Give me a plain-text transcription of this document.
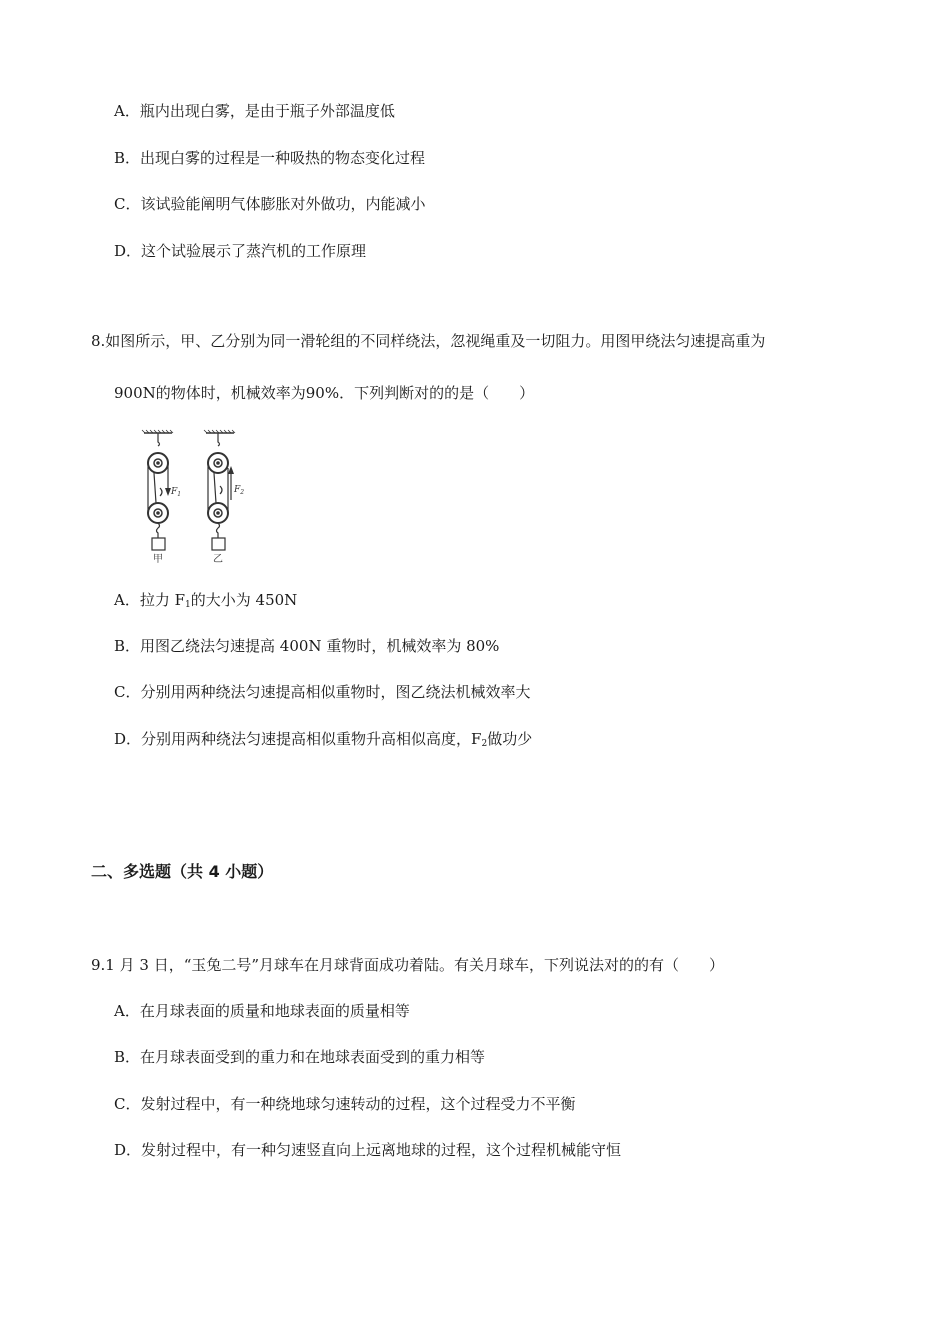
A．瓶内出现白雾，是由于瓶子外部温度低
B．出现白雾的过程是一种吸热的物态变化过程
C．该试验能阐明气体膨胀对外做功，内能减小
D．这个试验展示了蒸汽机的工作原理
8.如图所示，甲、乙分别为同一滑轮组的不同样绕法，忽视绳重及一切阻力。用图甲绕法匀速提高重为
900N的物体时，机械效率为90%．下列判断对的的是（　　）
$F_1$
甲
$F_2$
乙
A．拉力 $F_1$的大小为 450N
B．用图乙绕法匀速提高 400N 重物时，机械效率为 80%
C．分别用两种绕法匀速提高相似重物时，图乙绕法机械效率大
D．分别用两种绕法匀速提高相似重物升高相似高度，$F_2$做功少
二、多选题（共 4 小题）
9.1 月 3 日，“玉兔二号”月球车在月球背面成功着陆。有关月球车，下列说法对的的有（　　）
A．在月球表面的质量和地球表面的质量相等
B．在月球表面受到的重力和在地球表面受到的重力相等
C．发射过程中，有一种绕地球匀速转动的过程，这个过程受力不平衡
D．发射过程中，有一种匀速竖直向上远离地球的过程，这个过程机械能守恒
